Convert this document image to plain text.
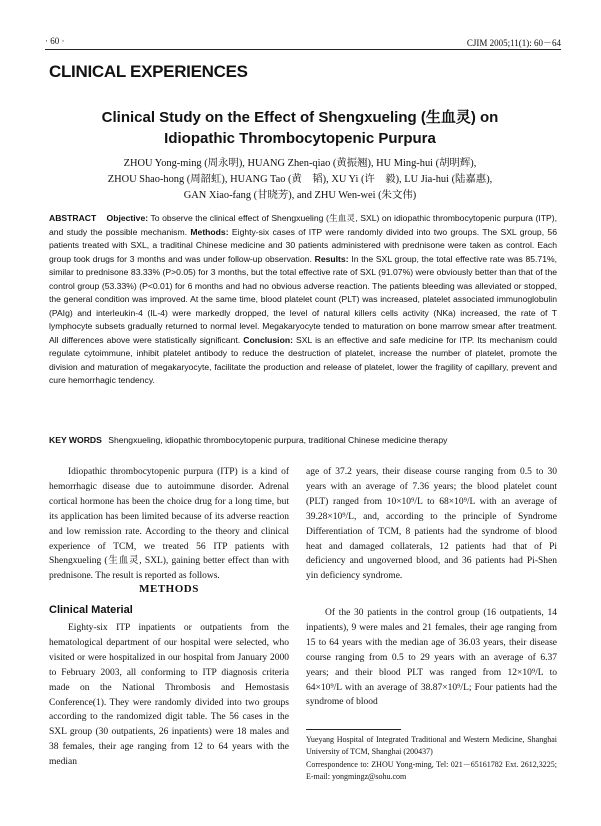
· 60 ·	CJIM 2005;11(1): 60－64
CLINICAL EXPERIENCES
Clinical Study on the Effect of Shengxueling (生血灵) on
Idiopathic Thrombocytopenic Purpura
ZHOU Yong-ming (周永明), HUANG Zhen-qiao (黄振翘), HU Ming-hui (胡明辉),
ZHOU Shao-hong (周韶虹), HUANG Tao (黄　韬), XU Yi (许　毅), LU Jia-hui (陆嘉惠),
GAN Xiao-fang (甘晓芳), and ZHU Wen-wei (朱文伟)
ABSTRACT Objective: To observe the clinical effect of Shengxueling (生血灵, SXL) on idiopathic thrombocytopenic purpura (ITP), and study the possible mechanism. Methods: Eighty-six cases of ITP were randomly divided into two groups. The SXL group, 56 patients treated with SXL, a traditinal Chinese medicine and 30 patients administered with prednisone were taken as control. Each group took drugs for 3 months and was under follow-up observation. Results: In the SXL group, the total effective rate was 85.71%, similar to prednisone 83.33% (P>0.05) for 3 months, but the total effective rate of SXL (91.07%) were obviously better than that of the control group (53.33%) (P<0.01) for 6 months and had no obvious adverse reaction. The patients bleeding was alleviated or stopped, the general condition was improved. At the same time, blood platelet count (PLT) was increased, platelet associated immunoglobulin (PAIg) and interleukin-4 (IL-4) were markedly dropped, the level of natural killers cells activity (NKa) increased, the rate of T lymphocyte subsets gradually returned to normal level. Megakaryocyte tended to maturation on bone marrow smear after treatment. All differences above were statistically significant. Conclusion: SXL is an effective and safe medicine for ITP. Its mechanism could regulate cytoimmune, inhibit platelet antibody to reduce the destruction of platelet, increase the number of platelet, promote the division and maturation of megakaryocyte, facilitate the production and release of platelet, lower the fragility of capillary, prevent and cure hemorrhagic tendency.
KEY WORDS Shengxueling, idiopathic thrombocytopenic purpura, traditional Chinese medicine therapy

Idiopathic thrombocytopenic purpura (ITP) is a kind of hemorrhagic disease due to autoimmune disorder. Adrenal cortical hormone has been the choice drug for a long time, but its application has been limited because of its adverse reaction and low remission rate. According to the theory and clinical experience of TCM, we treated 56 ITP patients with Shengxueling (生血灵, SXL), gaining better effect than with prednisone. The result is reported as follows.

METHODS
Clinical Material

Eighty-six ITP inpatients or outpatients from the hematological department of our hospital were selected, who visited or were hospitalized in our hospital from January 2000 to February 2003, all conforming to ITP diagnosis criteria made on the National Thrombosis and Hemostasis Conference(1). They were randomly divided into two groups according to the randomized digit table. The 56 cases in the SXL group (30 outpatients, 26 inpatients) were 18 males and 38 females, their age ranging from 12 to 64 years with the median

age of 37.2 years, their disease course ranging from 0.5 to 30 years with an average of 7.36 years; the blood platelet count (PLT) ranged from 10×10⁹/L to 68×10⁹/L with an average of 39.28×10⁹/L, and, according to the principle of Syndrome Differentiation of TCM, 8 patients had the syndrome of blood heat and damaged collaterals, 12 patients had that of Pi deficiency and ungoverned blood, and 36 patients had Pi-Shen yin deficiency syndrome.

Of the 30 patients in the control group (16 outpatients, 14 inpatients), 9 were males and 21 females, their age ranging from 15 to 64 years with the median age of 36.03 years, their disease course ranging from 0.5 to 29 years with an average of 6.37 years; and their blood PLT was ranged from 12×10⁹/L to 64×10⁹/L with an average of 38.87×10⁹/L; Four patients had the syndrome of blood

Yueyang Hospital of Integrated Traditional and Western Medicine, Shanghai University of TCM, Shanghai (200437)
Correspondence to: ZHOU Yong-ming, Tel: 021－65161782 Ext. 2612,3225; E-mail: yongmingz@sohu.com
